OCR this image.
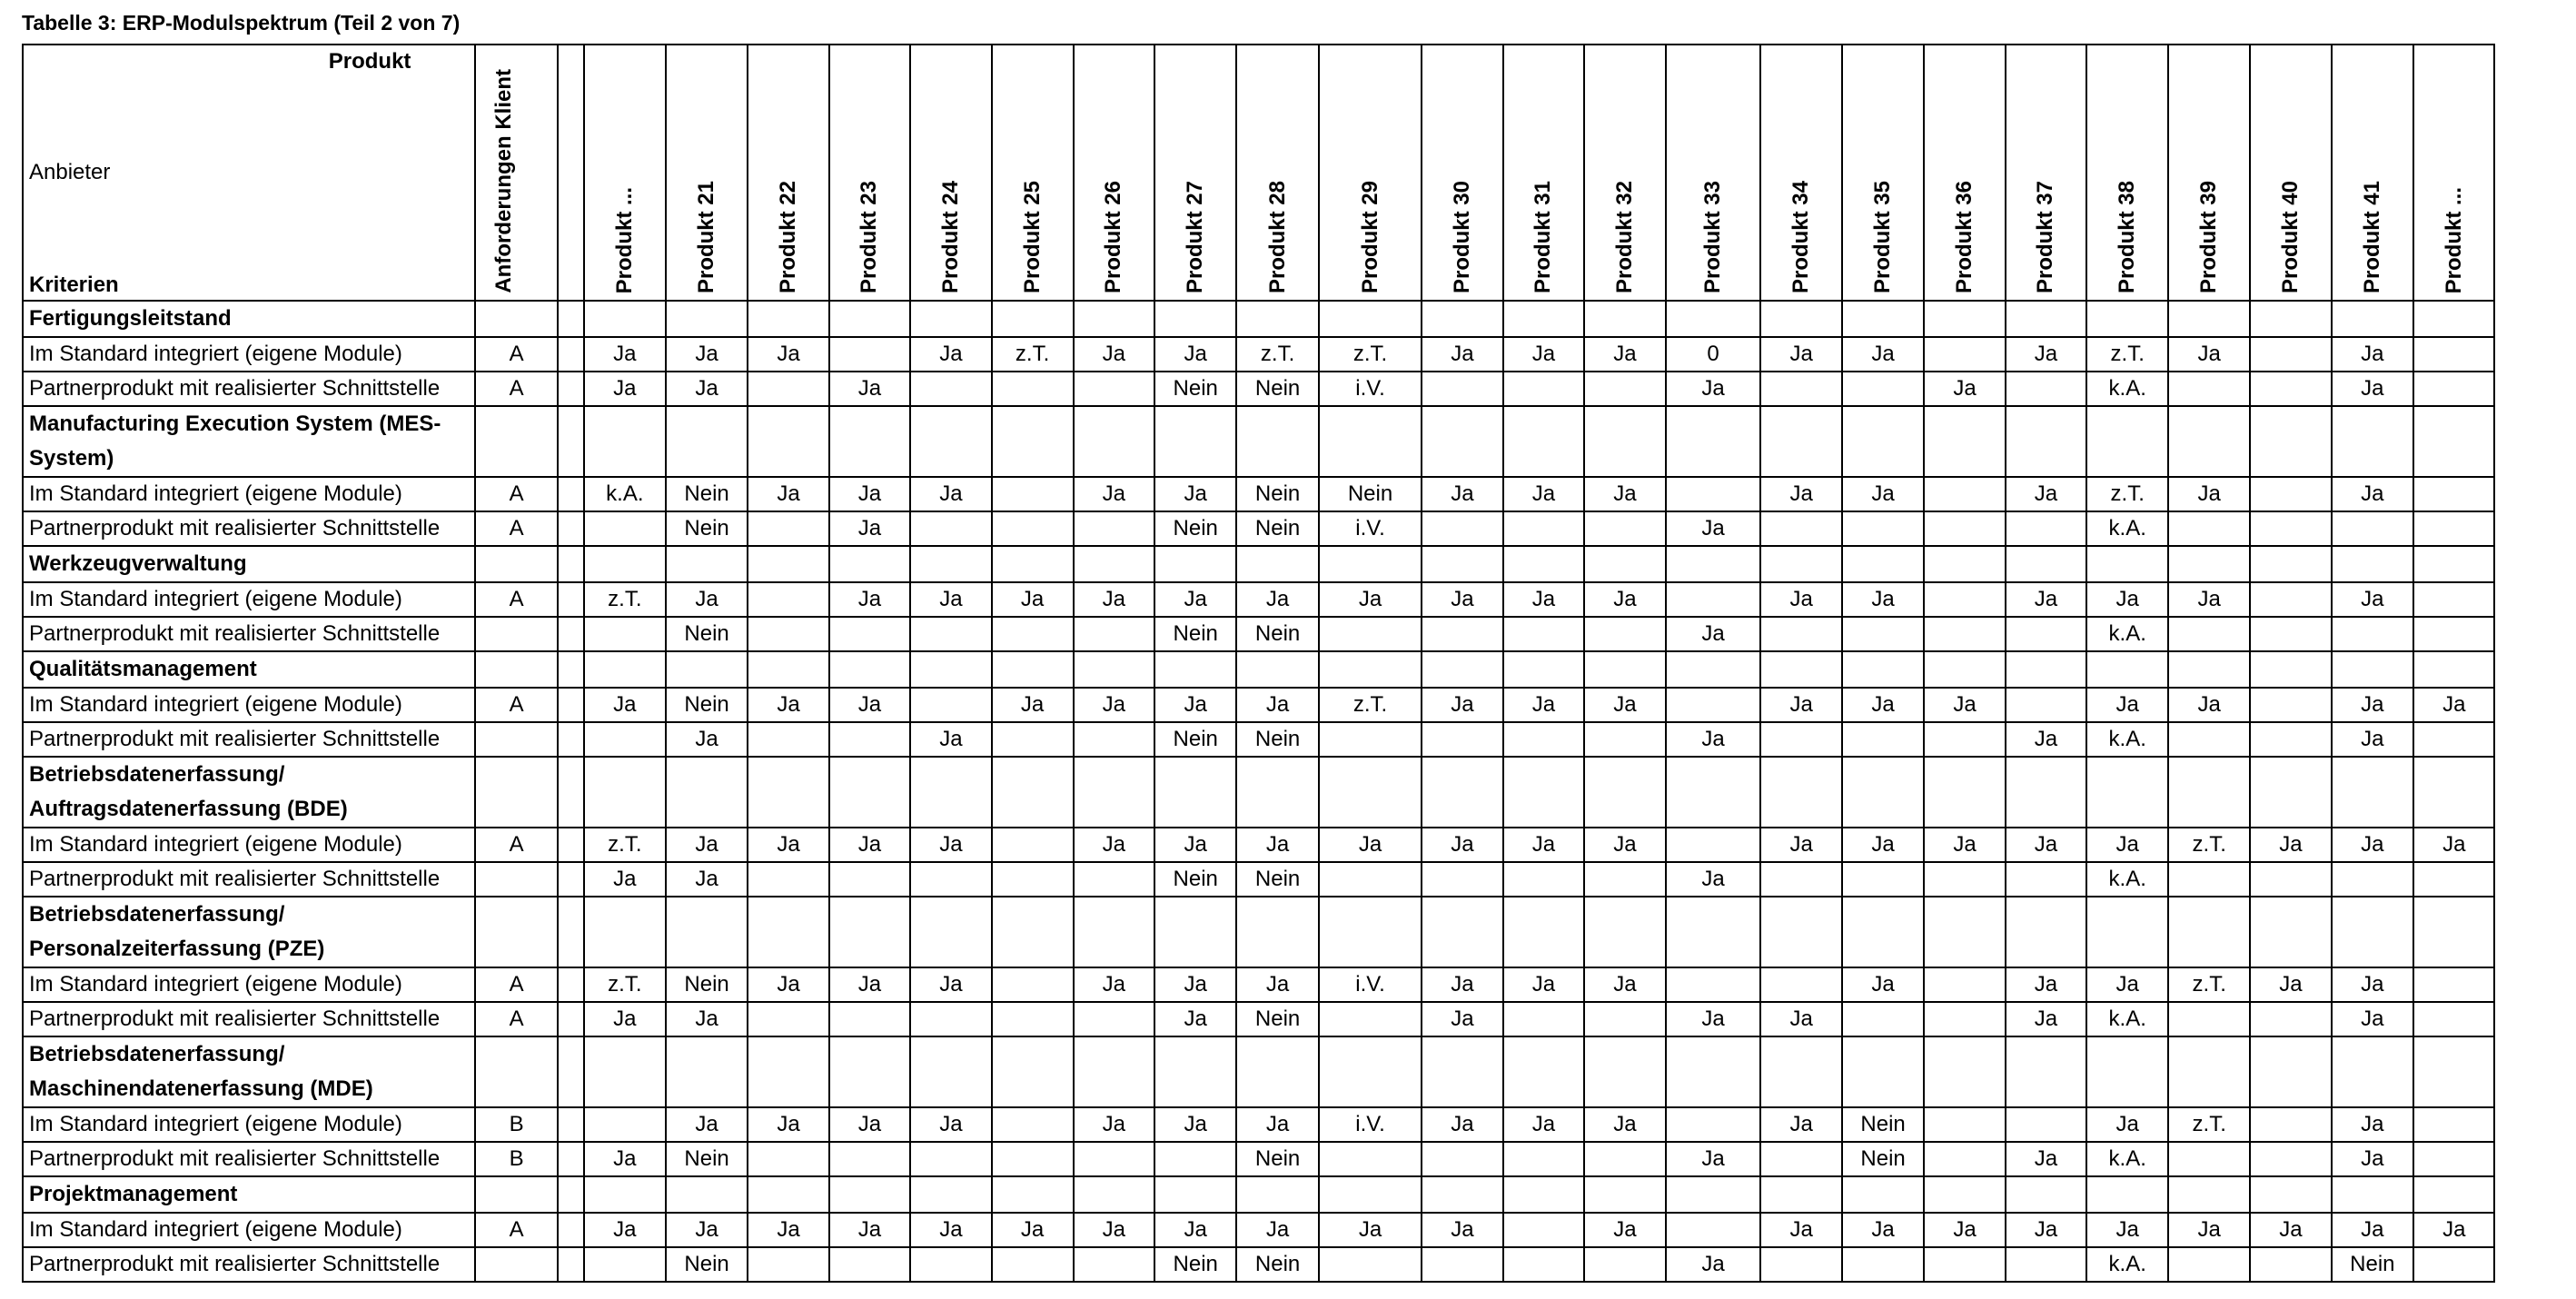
Tabelle 3: ERP-Modulspektrum (Teil 2 von 7)
Produkt
Anbieter
Kriterien	Anforderungen Klient		Produkt ...	Produkt 21	Produkt 22	Produkt 23	Produkt 24	Produkt 25	Produkt 26	Produkt 27	Produkt 28	Produkt 29	Produkt 30	Produkt 31	Produkt 32	Produkt 33	Produkt 34	Produkt 35	Produkt 36	Produkt 37	Produkt 38	Produkt 39	Produkt 40	Produkt 41	Produkt ...
Fertigungsleitstand																									
Im Standard integriert (eigene Module)	A		Ja	Ja	Ja		Ja	z.T.	Ja	Ja	z.T.	z.T.	Ja	Ja	Ja	0	Ja	Ja		Ja	z.T.	Ja		Ja	
Partnerprodukt mit realisierter Schnittstelle	A		Ja	Ja		Ja				Nein	Nein	i.V.				Ja			Ja		k.A.			Ja	
Manufacturing Execution System (MES-System)																									
Im Standard integriert (eigene Module)	A		k.A.	Nein	Ja	Ja	Ja		Ja	Ja	Nein	Nein	Ja	Ja	Ja		Ja	Ja		Ja	z.T.	Ja		Ja	
Partnerprodukt mit realisierter Schnittstelle	A			Nein		Ja				Nein	Nein	i.V.				Ja					k.A.				
Werkzeugverwaltung																									
Im Standard integriert (eigene Module)	A		z.T.	Ja		Ja	Ja	Ja	Ja	Ja	Ja	Ja	Ja	Ja	Ja		Ja	Ja		Ja	Ja	Ja		Ja	
Partnerprodukt mit realisierter Schnittstelle				Nein						Nein	Nein					Ja					k.A.				
Qualitätsmanagement																									
Im Standard integriert (eigene Module)	A		Ja	Nein	Ja	Ja		Ja	Ja	Ja	Ja	z.T.	Ja	Ja	Ja		Ja	Ja	Ja		Ja	Ja		Ja	Ja
Partnerprodukt mit realisierter Schnittstelle				Ja			Ja			Nein	Nein					Ja				Ja	k.A.			Ja	
Betriebsdatenerfassung/ Auftragsdatenerfassung (BDE)																									
Im Standard integriert (eigene Module)	A		z.T.	Ja	Ja	Ja	Ja		Ja	Ja	Ja	Ja	Ja	Ja	Ja		Ja	Ja	Ja	Ja	Ja	z.T.	Ja	Ja	Ja
Partnerprodukt mit realisierter Schnittstelle			Ja	Ja						Nein	Nein					Ja					k.A.				
Betriebsdatenerfassung/ Personalzeiterfassung (PZE)																									
Im Standard integriert (eigene Module)	A		z.T.	Nein	Ja	Ja	Ja		Ja	Ja	Ja	i.V.	Ja	Ja	Ja			Ja		Ja	Ja	z.T.	Ja	Ja	
Partnerprodukt mit realisierter Schnittstelle	A		Ja	Ja						Ja	Nein		Ja			Ja	Ja			Ja	k.A.			Ja	
Betriebsdatenerfassung/ Maschinendatenerfassung (MDE)																									
Im Standard integriert (eigene Module)	B			Ja	Ja	Ja	Ja		Ja	Ja	Ja	i.V.	Ja	Ja	Ja		Ja	Nein			Ja	z.T.		Ja	
Partnerprodukt mit realisierter Schnittstelle	B		Ja	Nein							Nein					Ja		Nein		Ja	k.A.			Ja	
Projektmanagement																									
Im Standard integriert (eigene Module)	A		Ja	Ja	Ja	Ja	Ja	Ja	Ja	Ja	Ja	Ja	Ja		Ja		Ja	Ja	Ja	Ja	Ja	Ja	Ja	Ja	Ja
Partnerprodukt mit realisierter Schnittstelle				Nein						Nein	Nein					Ja					k.A.			Nein	
